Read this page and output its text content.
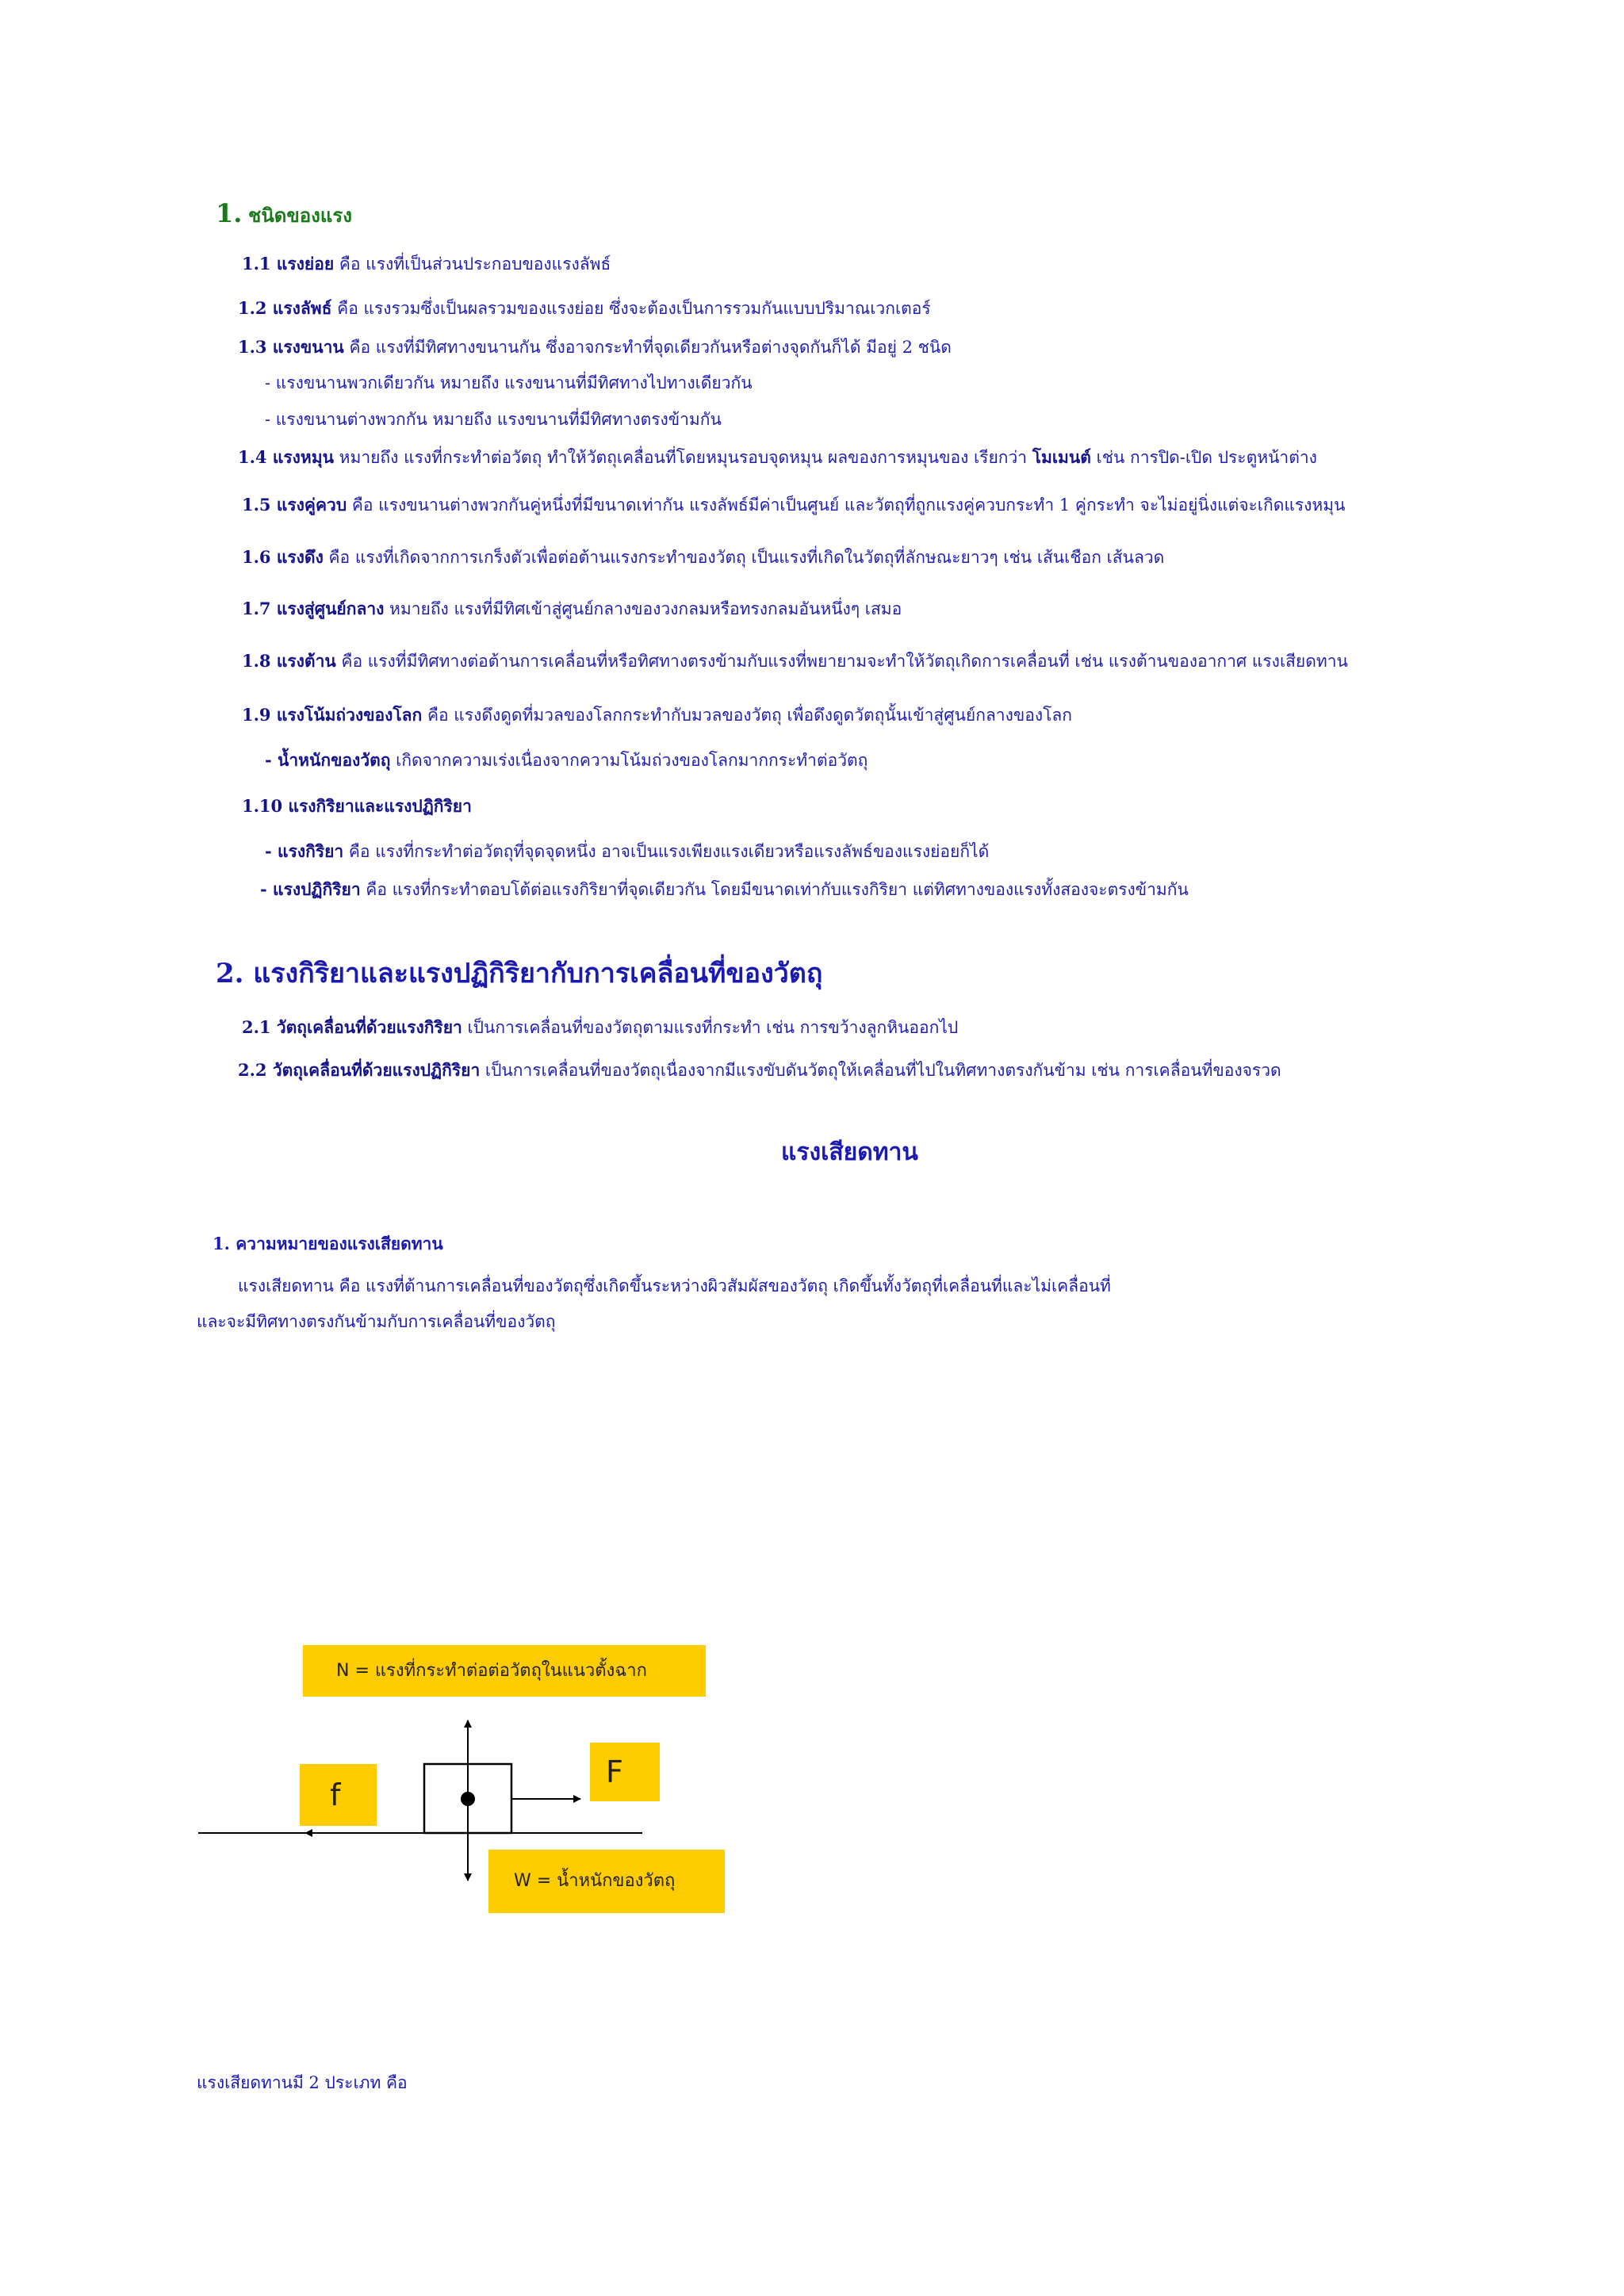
1. ชนิดของแรง
1.1 แรงย่อย คือ แรงที่เป็นส่วนประกอบของแรงลัพธ์
1.2 แรงลัพธ์ คือ แรงรวมซึ่งเป็นผลรวมของแรงย่อย ซึ่งจะต้องเป็นการรวมกันแบบปริมาณเวกเตอร์
1.3 แรงขนาน คือ แรงที่มีทิศทางขนานกัน ซึ่งอาจกระทำที่จุดเดียวกันหรือต่างจุดกันก็ได้ มีอยู่ 2 ชนิด
- แรงขนานพวกเดียวกัน หมายถึง แรงขนานที่มีทิศทางไปทางเดียวกัน
- แรงขนานต่างพวกกัน หมายถึง แรงขนานที่มีทิศทางตรงข้ามกัน
1.4 แรงหมุน หมายถึง แรงที่กระทำต่อวัตถุ ทำให้วัตถุเคลื่อนที่โดยหมุนรอบจุดหมุน ผลของการหมุนของ เรียกว่า โมเมนต์ เช่น การปิด-เปิด ประตูหน้าต่าง
1.5 แรงคู่ควบ คือ แรงขนานต่างพวกกันคู่หนึ่งที่มีขนาดเท่ากัน แรงลัพธ์มีค่าเป็นศูนย์ และวัตถุที่ถูกแรงคู่ควบกระทำ 1 คู่กระทำ จะไม่อยู่นิ่งแต่จะเกิดแรงหมุน
1.6 แรงดึง คือ แรงที่เกิดจากการเกร็งตัวเพื่อต่อต้านแรงกระทำของวัตถุ เป็นแรงที่เกิดในวัตถุที่ลักษณะยาวๆ เช่น เส้นเชือก เส้นลวด
1.7 แรงสู่ศูนย์กลาง หมายถึง แรงที่มีทิศเข้าสู่ศูนย์กลางของวงกลมหรือทรงกลมอันหนึ่งๆ เสมอ
1.8 แรงต้าน คือ แรงที่มีทิศทางต่อต้านการเคลื่อนที่หรือทิศทางตรงข้ามกับแรงที่พยายามจะทำให้วัตถุเกิดการเคลื่อนที่ เช่น แรงต้านของอากาศ แรงเสียดทาน
1.9 แรงโน้มถ่วงของโลก คือ แรงดึงดูดที่มวลของโลกกระทำกับมวลของวัตถุ เพื่อดึงดูดวัตถุนั้นเข้าสู่ศูนย์กลางของโลก
- น้ำหนักของวัตถุ เกิดจากความเร่งเนื่องจากความโน้มถ่วงของโลกมากกระทำต่อวัตถุ
1.10 แรงกิริยาและแรงปฏิกิริยา
- แรงกิริยา คือ แรงที่กระทำต่อวัตถุที่จุดจุดหนึ่ง อาจเป็นแรงเพียงแรงเดียวหรือแรงลัพธ์ของแรงย่อยก็ได้
- แรงปฏิกิริยา คือ แรงที่กระทำตอบโต้ต่อแรงกิริยาที่จุดเดียวกัน โดยมีขนาดเท่ากับแรงกิริยา แต่ทิศทางของแรงทั้งสองจะตรงข้ามกัน
2. แรงกิริยาและแรงปฏิกิริยากับการเคลื่อนที่ของวัตถุ
2.1 วัตถุเคลื่อนที่ด้วยแรงกิริยา เป็นการเคลื่อนที่ของวัตถุตามแรงที่กระทำ เช่น การขว้างลูกหินออกไป
2.2 วัตถุเคลื่อนที่ด้วยแรงปฏิกิริยา เป็นการเคลื่อนที่ของวัตถุเนื่องจากมีแรงขับดันวัตถุให้เคลื่อนที่ไปในทิศทางตรงกันข้าม เช่น การเคลื่อนที่ของจรวด
แรงเสียดทาน
1. ความหมายของแรงเสียดทาน
แรงเสียดทาน คือ แรงที่ต้านการเคลื่อนที่ของวัตถุซึ่งเกิดขึ้นระหว่างผิวสัมผัสของวัตถุ เกิดขึ้นทั้งวัตถุที่เคลื่อนที่และไม่เคลื่อนที่
และจะมีทิศทางตรงกันข้ามกับการเคลื่อนที่ของวัตถุ
N = แรงที่กระทำต่อต่อวัตถุในแนวตั้งฉาก
f
F
W = น้ำหนักของวัตถุ
แรงเสียดทานมี 2 ประเภท คือ
